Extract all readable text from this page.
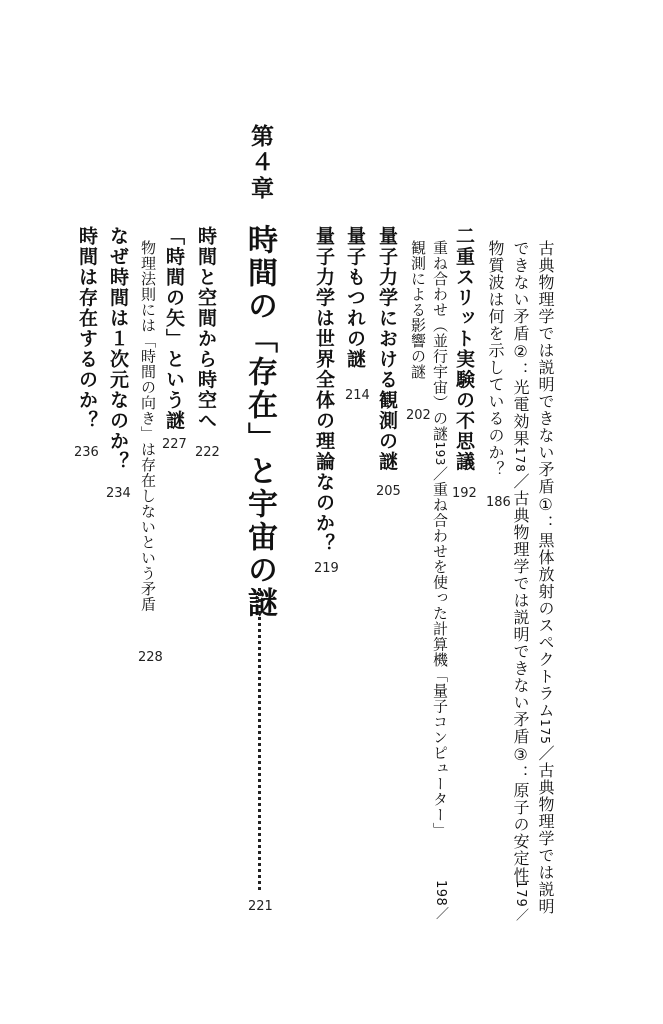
古典物理学では説明できない矛盾①：黒体放射のスペクトラム175／古典物理学では説明
できない矛盾②：光電効果178／古典物理学では説明できない矛盾③：原子の安定性
179／
物質波は何を示しているのか？
186
二重スリット実験の不思議
192
重ね合わせ（並行宇宙）の謎193／重ね合わせを使った計算機「量子コンピューター」
198／
観測による影響の謎
202
量子力学における観測の謎
205
量子もつれの謎
214
量子力学は世界全体の理論なのか？
219
第４章
時間の「存在」と宇宙の謎
221
時間と空間から時空へ
222
「時間の矢」という謎
227
物理法則には「時間の向き」は存在しないという矛盾
228
なぜ時間は１次元なのか？
234
時間は存在するのか？
236
